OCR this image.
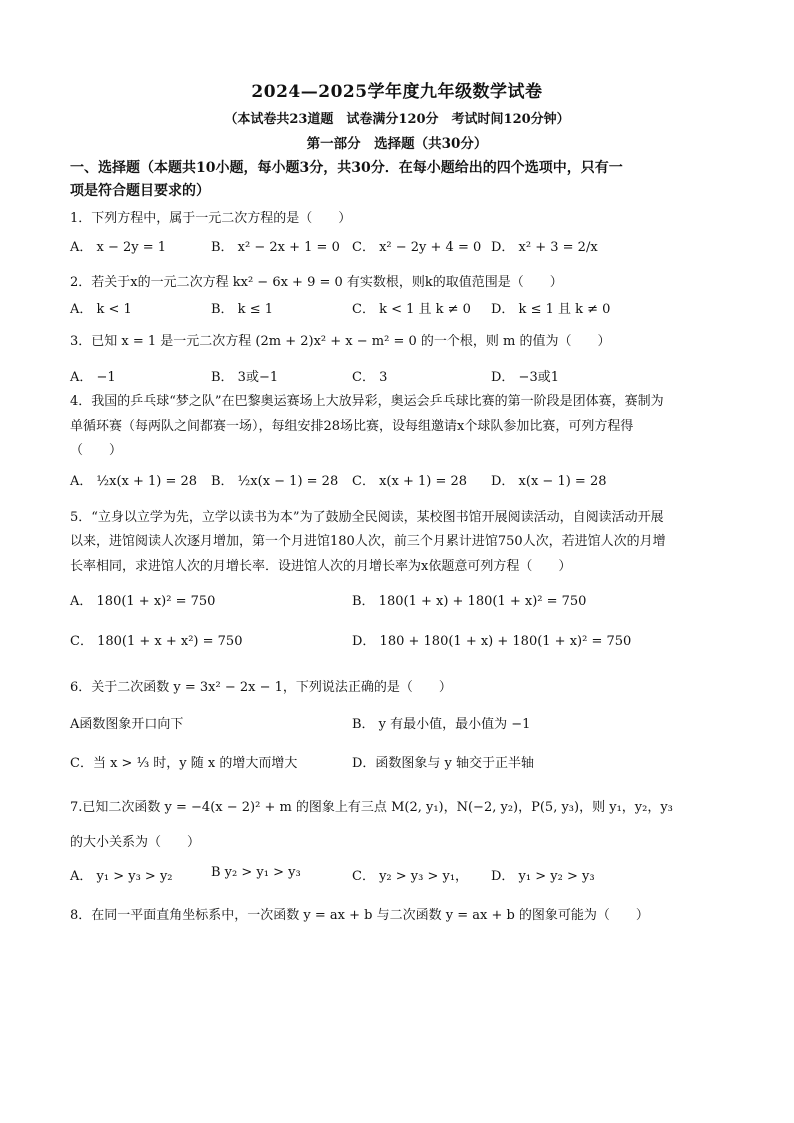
2024—2025学年度九年级数学试卷
（本试卷共23道题　试卷满分120分　考试时间120分钟）
第一部分　选择题（共30分）
一、选择题（本题共10小题，每小题3分，共30分．在每小题给出的四个选项中，只有一
项是符合题目要求的）
1．下列方程中，属于一元二次方程的是（　　）
A． x − 2y = 1	B． x² − 2x + 1 = 0 C． x² − 2y + 4 = 0 D． x² + 3 = 2/x
2．若关于x的一元二次方程 kx² − 6x + 9 = 0 有实数根，则k的取值范围是（　　）
A． k < 1	B． k ≤ 1	C． k < 1 且 k ≠ 0 D． k ≤ 1 且 k ≠ 0
3．已知 x = 1 是一元二次方程 (2m + 2)x² + x − m² = 0 的一个根，则 m 的值为（　　）
A． −1	B． 3或−1	C． 3	D． −3或1
4．我国的乒乓球“梦之队”在巴黎奥运赛场上大放异彩，奥运会乒乓球比赛的第一阶段是团体赛，赛制为
单循环赛（每两队之间都赛一场），每组安排28场比赛，设每组邀请x个球队参加比赛，可列方程得
（　　）
A． ½x(x + 1) = 28 B． ½x(x − 1) = 28 C． x(x + 1) = 28 D． x(x − 1) = 28
5．“立身以立学为先，立学以读书为本”为了鼓励全民阅读，某校图书馆开展阅读活动，自阅读活动开展
以来，进馆阅读人次逐月增加，第一个月进馆180人次，前三个月累计进馆750人次，若进馆人次的月增
长率相同，求进馆人次的月增长率．设进馆人次的月增长率为x依题意可列方程（　　）
A． 180(1 + x)² = 750	B． 180(1 + x) + 180(1 + x)² = 750
C． 180(1 + x + x²) = 750	D． 180 + 180(1 + x) + 180(1 + x)² = 750
6．关于二次函数 y = 3x² − 2x − 1，下列说法正确的是（　　）
A函数图象开口向下	B． y 有最小值，最小值为 −1
C．当 x > ⅓ 时，y 随 x 的增大而增大	D．函数图象与 y 轴交于正半轴
7.已知二次函数 y = −4(x − 2)² + m 的图象上有三点 M(2, y₁)，N(−2, y₂)，P(5, y₃)，则 y₁，y₂，y₃
的大小关系为（　　）
A． y₁ > y₃ > y₂	B y₂ > y₁ > y₃	C． y₂ > y₃ > y₁， D． y₁ > y₂ > y₃
8．在同一平面直角坐标系中，一次函数 y = ax + b 与二次函数 y = ax + b 的图象可能为（　　）
